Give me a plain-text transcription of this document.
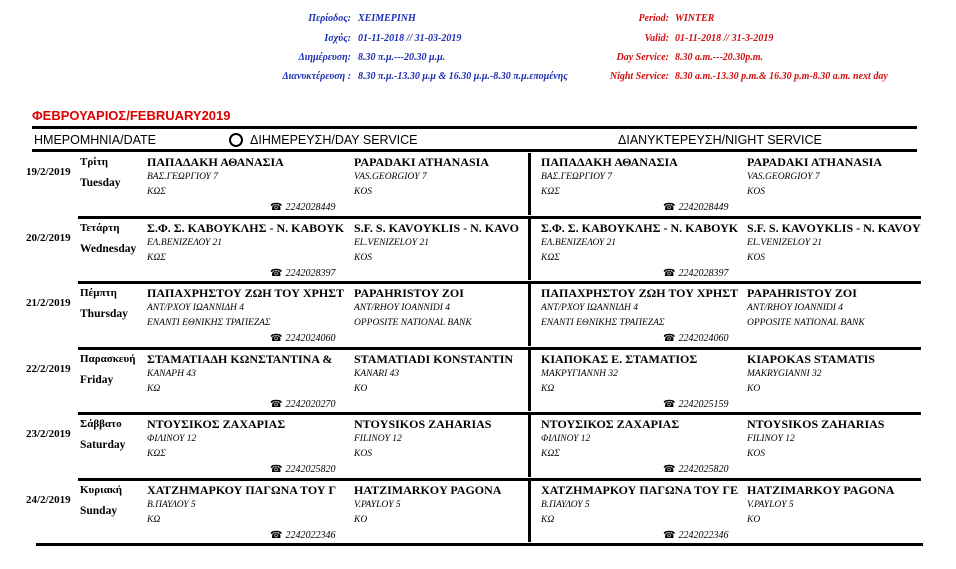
Περίοδος: ΧΕΙΜΕΡΙΝΗ
Ισχύς: 01-11-2018 // 31-03-2019
Διημέρευση: 8.30 π.μ.---20.30 μ.μ.
Διανυκτέρευση : 8.30 π.μ.-13.30 μ.μ & 16.30 μ.μ.-8.30 π.μ.επομένης
Period: WINTER
Valid: 01-11-2018 // 31-3-2019
Day Service: 8.30 a.m.---20.30p.m.
Night Service: 8.30 a.m.-13.30 p.m.& 16.30 p.m-8.30 a.m. next day
ΦΕΒΡΟΥΑΡΙΟΣ/FEBRUARY2019
ΗΜΕΡΟΜΗΝΙΑ/DATE	ΔΙΗΜΕΡΕΥΣΗ/DAY SERVICE	ΔΙΑΝΥΚΤΕΡΕΥΣΗ/NIGHT SERVICE
19/2/2019
Τρίτη
Tuesday
ΠΑΠΑΔΑΚΗ ΑΘΑΝΑΣΙΑ
ΒΑΣ.ΓΕΩΡΓΙΟΥ 7
ΚΩΣ
PAPADAKI ATHANASIA
VAS.GEORGIOY 7
KOS
☎ 2242028449
ΠΑΠΑΔΑΚΗ ΑΘΑΝΑΣΙΑ
ΒΑΣ.ΓΕΩΡΓΙΟΥ 7
ΚΩΣ
PAPADAKI ATHANASIA
VAS.GEORGIOY 7
KOS
☎ 2242028449
20/2/2019
Τετάρτη
Wednesday
Σ.Φ. Σ. ΚΑΒΟΥΚΛΗΣ - Ν. ΚΑΒΟΥΚ
ΕΛ.ΒΕΝΙΖΕΛΟΥ 21
ΚΩΣ
S.F. S. KAVOYKLIS - N. KAVO
EL.VENIZELOY 21
KOS
☎ 2242028397
Σ.Φ. Σ. ΚΑΒΟΥΚΛΗΣ - Ν. ΚΑΒΟΥΚ
ΕΛ.ΒΕΝΙΖΕΛΟΥ 21
ΚΩΣ
S.F. S. KAVOYKLIS - N. KAVOY
EL.VENIZELOY 21
KOS
☎ 2242028397
21/2/2019
Πέμπτη
Thursday
ΠΑΠΑΧΡΗΣΤΟΥ ΖΩΗ ΤΟΥ ΧΡΗΣΤ
ΑΝΤ/ΡΧΟΥ ΙΩΑΝΝΙΔΗ 4
ΕΝΑΝΤΙ ΕΘΝΙΚΗΣ ΤΡΑΠΕΖΑΣ
PAPAHRISTOY ZOI
ANT/RHOY IOANNIDI 4
OPPOSITE NATIONAL BANK
☎ 2242024060
ΠΑΠΑΧΡΗΣΤΟΥ ΖΩΗ ΤΟΥ ΧΡΗΣΤ
ΑΝΤ/ΡΧΟΥ ΙΩΑΝΝΙΔΗ 4
ΕΝΑΝΤΙ ΕΘΝΙΚΗΣ ΤΡΑΠΕΖΑΣ
PAPAHRISTOY ZOI
ANT/RHOY IOANNIDI 4
OPPOSITE NATIONAL BANK
☎ 2242024060
22/2/2019
Παρασκευή
Friday
ΣΤΑΜΑΤΙΑΔΗ ΚΩΝΣΤΑΝΤΙΝΑ &
ΚΑΝΑΡΗ 43
ΚΩ
STAMATIADI KONSTANTIN
KANARI 43
KO
☎ 2242020270
ΚΙΑΠΟΚΑΣ Ε. ΣΤΑΜΑΤΙΟΣ
ΜΑΚΡΥΓΙΑΝΝΗ 32
ΚΩ
KIAPOKAS STAMATIS
MAKRYGIANNI 32
KO
☎ 2242025159
23/2/2019
Σάββατο
Saturday
ΝΤΟΥΣΙΚΟΣ ΖΑΧΑΡΙΑΣ
ΦΙΛΙΝΟΥ 12
ΚΩΣ
NTOYSIKOS ZAHARIAS
FILINOY 12
KOS
☎ 2242025820
ΝΤΟΥΣΙΚΟΣ ΖΑΧΑΡΙΑΣ
ΦΙΛΙΝΟΥ 12
ΚΩΣ
NTOYSIKOS ZAHARIAS
FILINOY 12
KOS
☎ 2242025820
24/2/2019
Κυριακή
Sunday
ΧΑΤΖΗΜΑΡΚΟΥ ΠΑΓΩΝΑ ΤΟΥ Γ
Β.ΠΑΥΛΟΥ 5
ΚΩ
HATZIMARKOY PAGONA
V.PAYLOY 5
KO
☎ 2242022346
ΧΑΤΖΗΜΑΡΚΟΥ ΠΑΓΩΝΑ ΤΟΥ ΓΕ
Β.ΠΑΥΛΟΥ 5
ΚΩ
HATZIMARKOY PAGONA
V.PAYLOY 5
KO
☎ 2242022346
